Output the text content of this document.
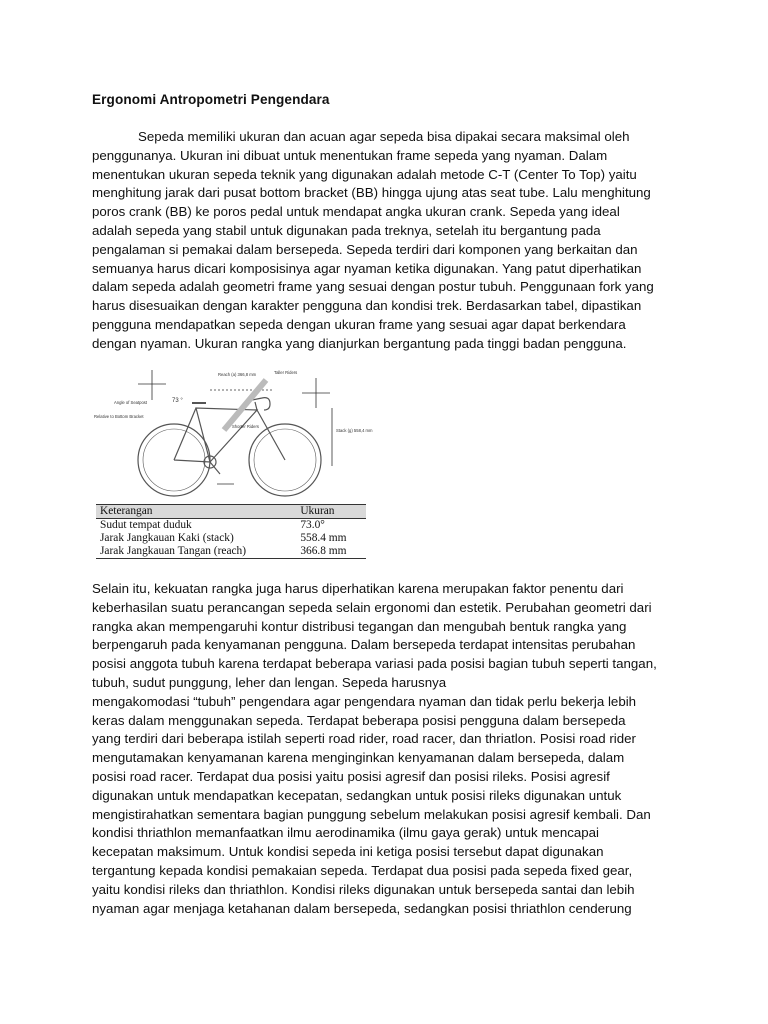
Ergonomi Antropometri Pengendara
Sepeda memiliki ukuran dan acuan agar sepeda bisa dipakai secara maksimal oleh
penggunanya. Ukuran ini dibuat untuk menentukan frame sepeda yang nyaman. Dalam
menentukan ukuran sepeda teknik yang digunakan adalah metode C-T (Center To Top) yaitu
menghitung jarak dari pusat bottom bracket (BB) hingga ujung atas seat tube. Lalu menghitung
poros crank (BB) ke poros pedal untuk mendapat angka ukuran crank. Sepeda yang ideal
adalah sepeda yang stabil untuk digunakan pada treknya, setelah itu bergantung pada
pengalaman si pemakai dalam bersepeda. Sepeda terdiri dari komponen yang berkaitan dan
semuanya harus dicari komposisinya agar nyaman ketika digunakan. Yang patut diperhatikan
dalam sepeda adalah geometri frame yang sesuai dengan postur tubuh. Penggunaan fork yang
harus disesuaikan dengan karakter pengguna dan kondisi trek. Berdasarkan tabel, dipastikan
pengguna mendapatkan sepeda dengan ukuran frame yang sesuai agar dapat berkendara
dengan nyaman. Ukuran rangka yang dianjurkan bergantung pada tinggi badan pengguna.
73 °
Reach (a) 366,8 mm	Taller Riders
Angle of Seatpost
Relative to Bottom Bracket
Shorter Riders
Stack (g) 558,4 mm
Keterangan	Ukuran
Sudut tempat duduk	73.0°
Jarak Jangkauan Kaki (stack)	558.4 mm
Jarak Jangkauan Tangan (reach)	366.8 mm
Selain itu, kekuatan rangka juga harus diperhatikan karena merupakan faktor penentu dari
keberhasilan suatu perancangan sepeda selain ergonomi dan estetik. Perubahan geometri dari
rangka akan mempengaruhi kontur distribusi tegangan dan mengubah bentuk rangka yang
berpengaruh pada kenyamanan pengguna. Dalam bersepeda terdapat intensitas perubahan
posisi anggota tubuh karena terdapat beberapa variasi pada posisi bagian tubuh seperti tangan,
tubuh, sudut punggung, leher dan lengan. Sepeda harusnya
mengakomodasi “tubuh” pengendara agar pengendara nyaman dan tidak perlu bekerja lebih
keras dalam menggunakan sepeda. Terdapat beberapa posisi pengguna dalam bersepeda
yang terdiri dari beberapa istilah seperti road rider, road racer, dan thriatlon. Posisi road rider
mengutamakan kenyamanan karena menginginkan kenyamanan dalam bersepeda, dalam
posisi road racer. Terdapat dua posisi yaitu posisi agresif dan posisi rileks. Posisi agresif
digunakan untuk mendapatkan kecepatan, sedangkan untuk posisi rileks digunakan untuk
mengistirahatkan sementara bagian punggung sebelum melakukan posisi agresif kembali. Dan
kondisi thriathlon memanfaatkan ilmu aerodinamika (ilmu gaya gerak) untuk mencapai
kecepatan maksimum. Untuk kondisi sepeda ini ketiga posisi tersebut dapat digunakan
tergantung kepada kondisi pemakaian sepeda. Terdapat dua posisi pada sepeda fixed gear,
yaitu kondisi rileks dan thriathlon. Kondisi rileks digunakan untuk bersepeda santai dan lebih
nyaman agar menjaga ketahanan dalam bersepeda, sedangkan posisi thriathlon cenderung
